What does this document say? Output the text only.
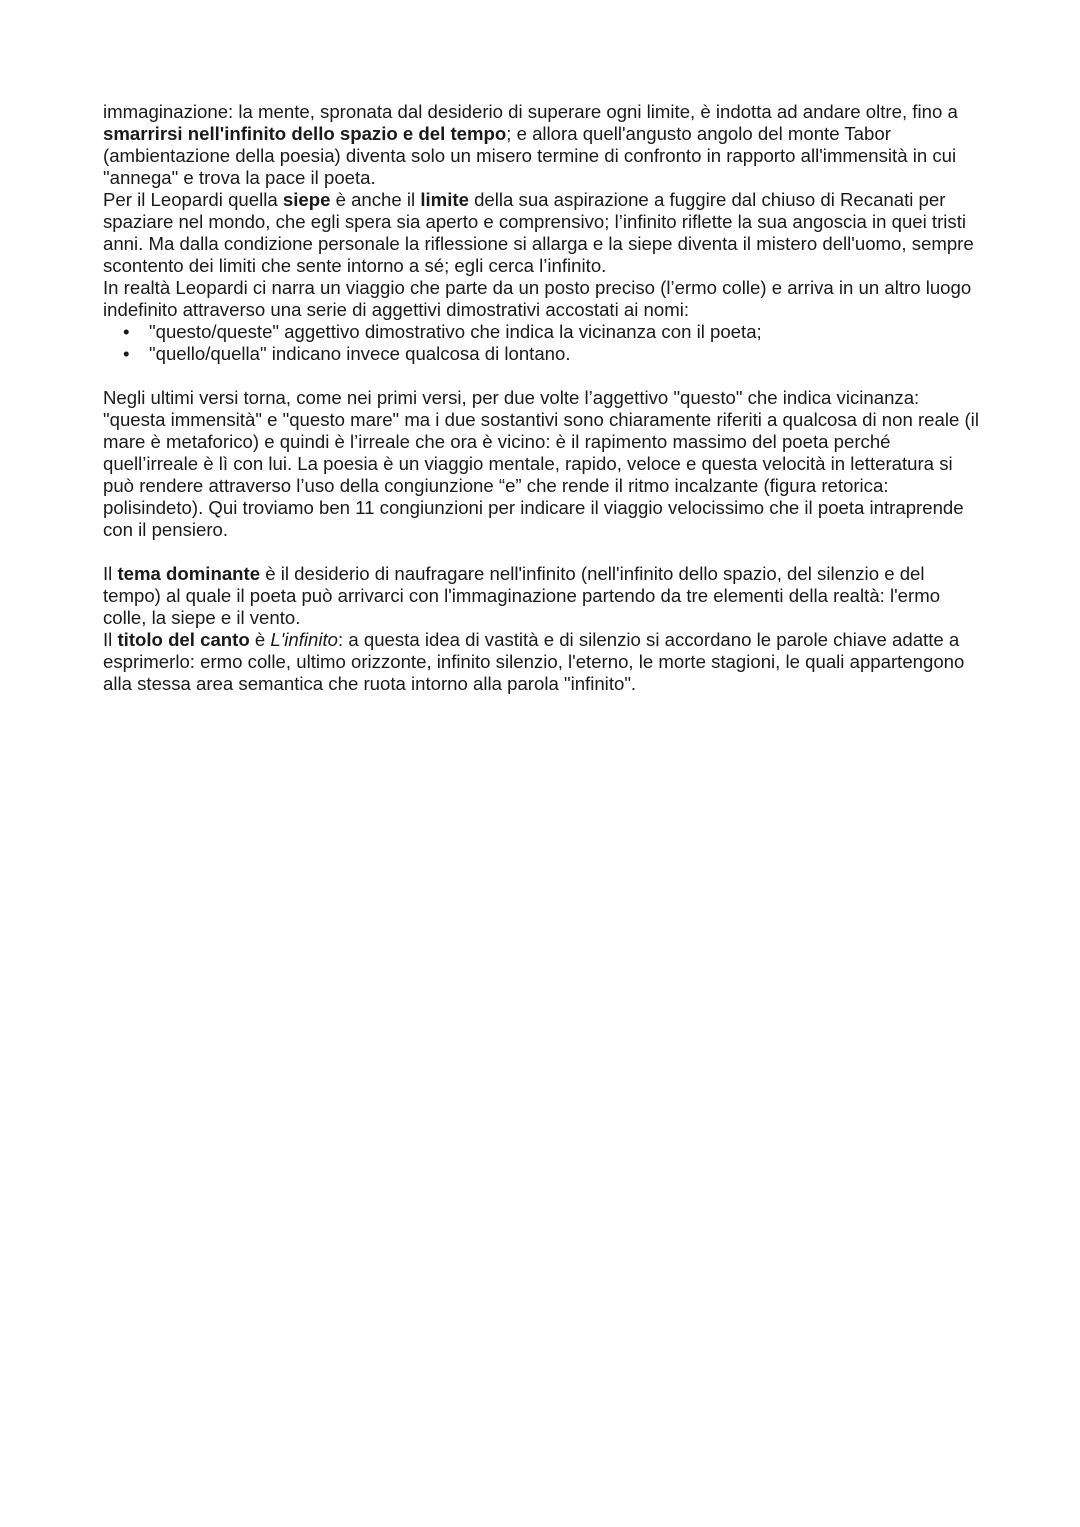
immaginazione: la mente, spronata dal desiderio di superare ogni limite, è indotta ad andare oltre, fino a smarrirsi nell'infinito dello spazio e del tempo; e allora quell'angusto angolo del monte Tabor (ambientazione della poesia) diventa solo un misero termine di confronto in rapporto all'immensità in cui "annega" e trova la pace il poeta.

Per il Leopardi quella siepe è anche il limite della sua aspirazione a fuggire dal chiuso di Recanati per spaziare nel mondo, che egli spera sia aperto e comprensivo; l’infinito riflette la sua angoscia in quei tristi anni. Ma dalla condizione personale la riflessione si allarga e la siepe diventa il mistero dell'uomo, sempre scontento dei limiti che sente intorno a sé; egli cerca l’infinito.

In realtà Leopardi ci narra un viaggio che parte da un posto preciso (l’ermo colle) e arriva in un altro luogo indefinito attraverso una serie di aggettivi dimostrativi accostati ai nomi:

• "questo/queste" aggettivo dimostrativo che indica la vicinanza con il poeta;
• "quello/quella" indicano invece qualcosa di lontano.

Negli ultimi versi torna, come nei primi versi, per due volte l’aggettivo "questo" che indica vicinanza: "questa immensità" e "questo mare" ma i due sostantivi sono chiaramente riferiti a qualcosa di non reale (il mare è metaforico) e quindi è l’irreale che ora è vicino: è il rapimento massimo del poeta perché quell’irreale è lì con lui. La poesia è un viaggio mentale, rapido, veloce e questa velocità in letteratura si può rendere attraverso l’uso della congiunzione “e” che rende il ritmo incalzante (figura retorica: polisindeto). Qui troviamo ben 11 congiunzioni per indicare il viaggio velocissimo che il poeta intraprende con il pensiero.

Il tema dominante è il desiderio di naufragare nell'infinito (nell'infinito dello spazio, del silenzio e del tempo) al quale il poeta può arrivarci con l'immaginazione partendo da tre elementi della realtà: l'ermo colle, la siepe e il vento.

Il titolo del canto è L'infinito: a questa idea di vastità e di silenzio si accordano le parole chiave adatte a esprimerlo: ermo colle, ultimo orizzonte, infinito silenzio, l'eterno, le morte stagioni, le quali appartengono alla stessa area semantica che ruota intorno alla parola "infinito".
